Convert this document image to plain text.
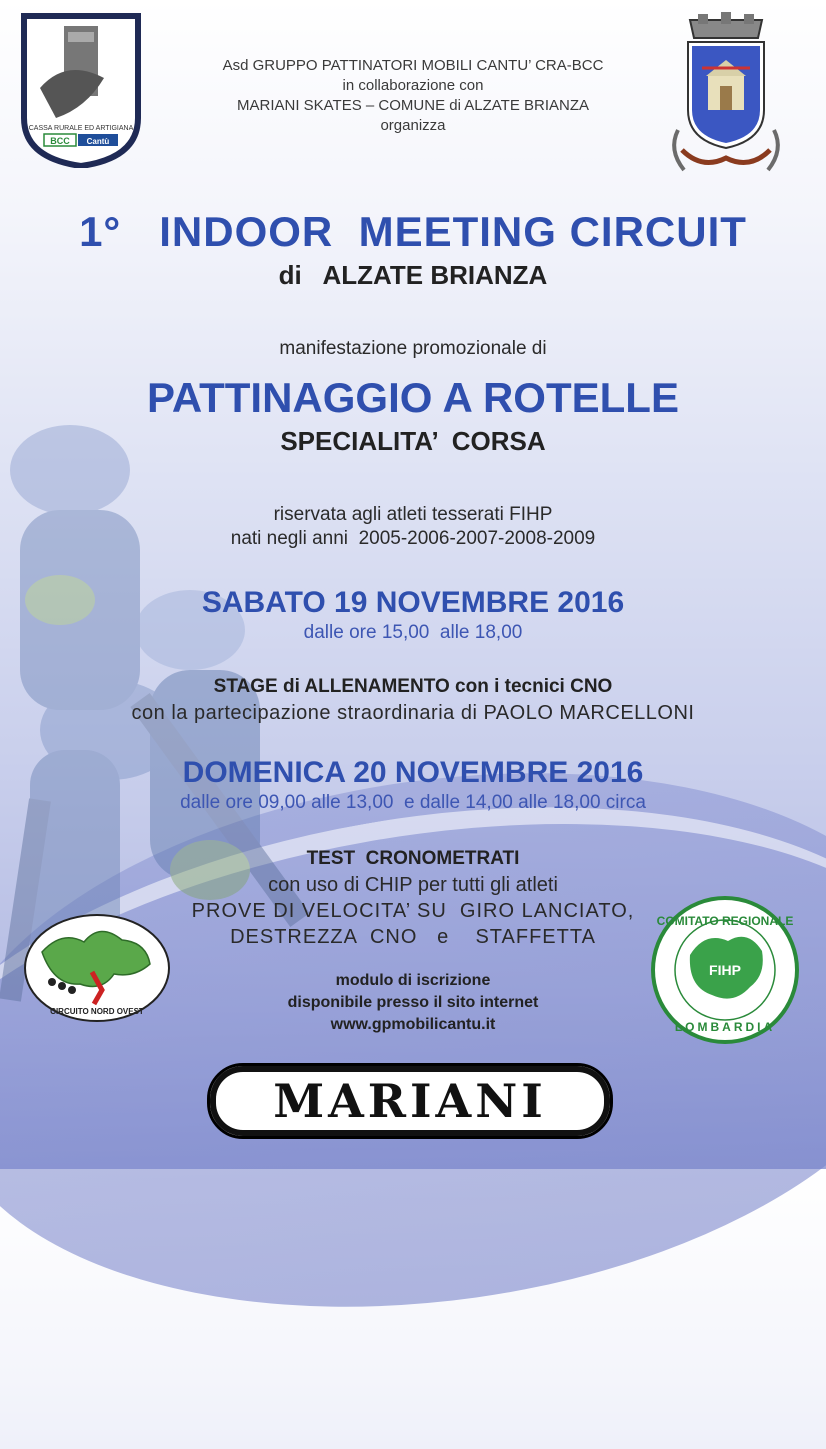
CASSA RURALE ED ARTIGIANA
BCC Cantù
Asd GRUPPO PATTINATORI MOBILI CANTU’ CRA-BCC
in collaborazione con
MARIANI SKATES – COMUNE di ALZATE BRIANZA
organizza
1°   INDOOR  MEETING CIRCUIT
di   ALZATE BRIANZA
manifestazione promozionale di
PATTINAGGIO A ROTELLE
SPECIALITA’  CORSA
riservata agli atleti tesserati FIHP
nati negli anni  2005-2006-2007-2008-2009
SABATO 19 NOVEMBRE 2016
dalle ore 15,00  alle 18,00
STAGE di ALLENAMENTO con i tecnici CNO
con la partecipazione straordinaria di PAOLO MARCELLONI
DOMENICA 20 NOVEMBRE 2016
dalle ore 09,00 alle 13,00  e dalle 14,00 alle 18,00 circa
TEST  CRONOMETRATI
con uso di CHIP per tutti gli atleti
PROVE DI VELOCITA’ SU  GIRO LANCIATO,
DESTREZZA  CNO   e    STAFFETTA
modulo di iscrizione
disponibile presso il sito internet
www.gpmobilicantu.it
CIRCUITO NORD OVEST
COMITATO REGIONALE
FIHP
LOMBARDIA
MARIANI
